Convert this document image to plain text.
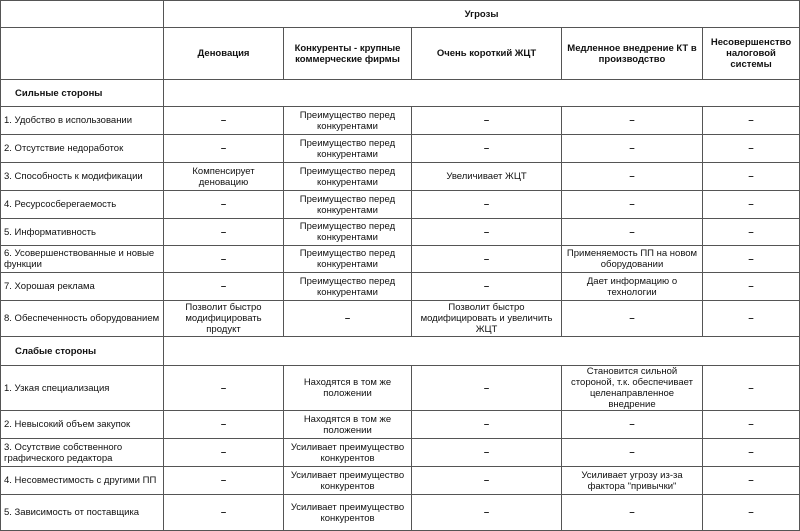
	Угрозы				
	Деновация	Конкуренты - крупные коммерческие фирмы	Очень короткий ЖЦТ	Медленное внедрение КТ в производство	Несовершенство налоговой системы
Сильные стороны					
1. Удобство в использовании	–	Преимущество перед конкурентами	–	–	–
2. Отсутствие недоработок	–	Преимущество перед конкурентами	–	–	–
3. Способность к модификации	Компенсирует деновацию	Преимущество перед конкурентами	Увеличивает ЖЦТ	–	–
4. Ресурсосберегаемость	–	Преимущество перед конкурентами	–	–	–
5. Информативность	–	Преимущество перед конкурентами	–	–	–
6. Усовершенствованные и новые функции	–	Преимущество перед конкурентами	–	Применяемость ПП на новом оборудовании	–
7. Хорошая реклама	–	Преимущество перед конкурентами	–	Дает информацию о технологии	–
8. Обеспеченность оборудованием	Позволит быстро модифицировать продукт	–	Позволит быстро модифицировать и увеличить ЖЦТ	–	–
Слабые стороны					
1. Узкая специализация	–	Находятся в том же положении	–	Становится сильной стороной, т.к. обеспечивает целенаправленное внедрение	–
2. Невысокий объем закупок	–	Находятся в том же положении	–	–	–
3. Осутствие собственного графического редактора	–	Усиливает преимущество конкурентов	–	–	–
4. Несовместимость с другими ПП	–	Усиливает преимущество конкурентов	–	Усиливает угрозу из-за фактора "привычки"	–
5. Зависимость от поставщика	–	Усиливает преимущество конкурентов	–	–	–
